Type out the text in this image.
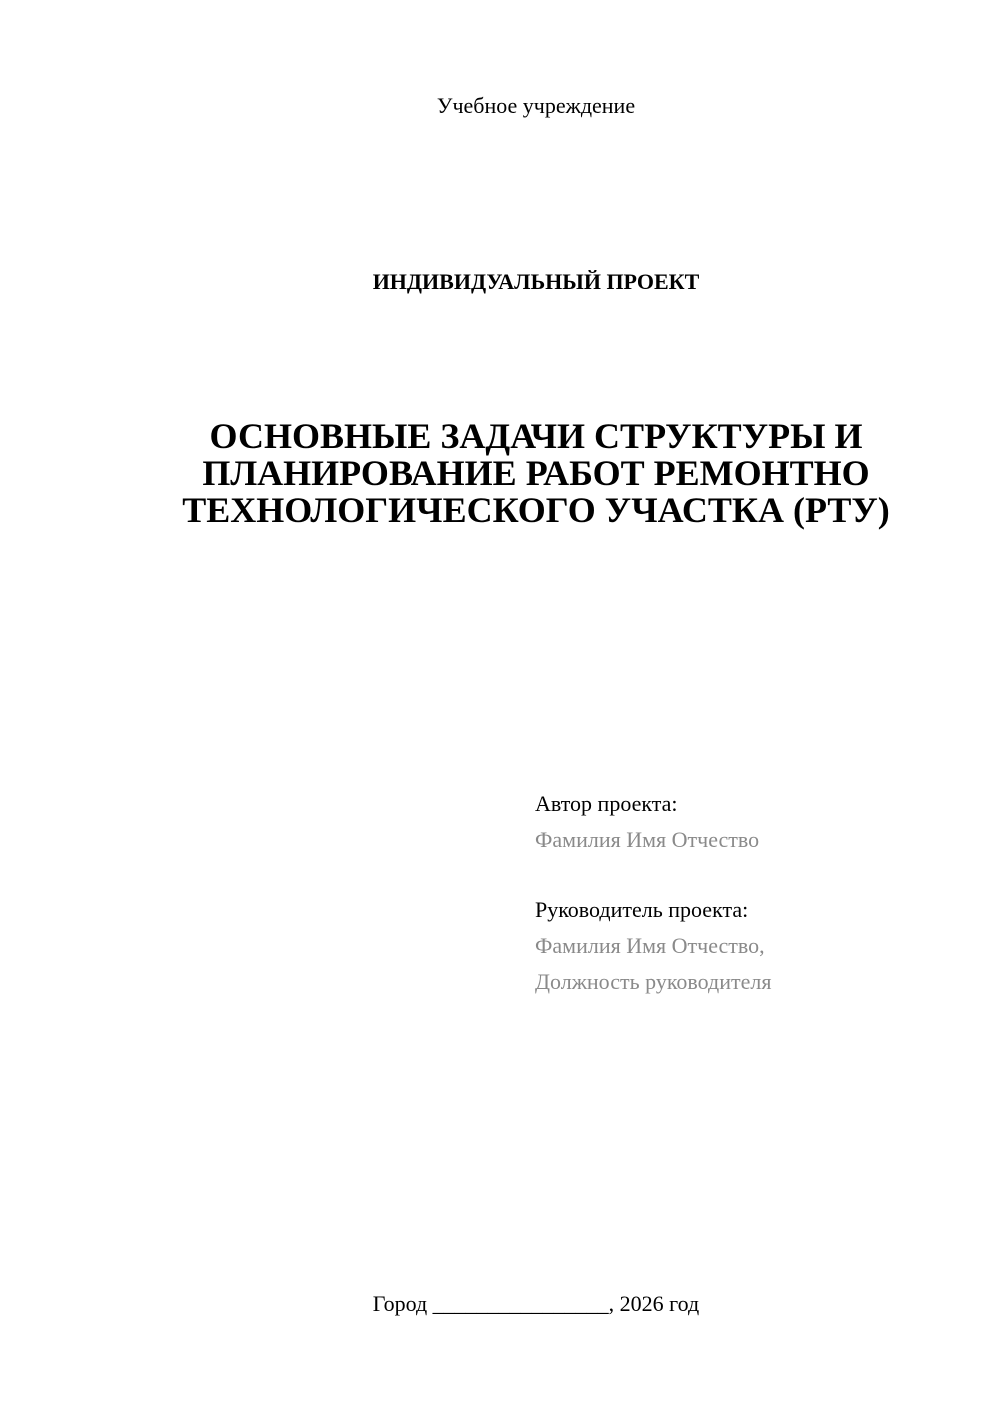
Учебное учреждение
ИНДИВИДУАЛЬНЫЙ ПРОЕКТ
ОСНОВНЫЕ ЗАДАЧИ СТРУКТУРЫ И
ПЛАНИРОВАНИЕ РАБОТ РЕМОНТНО
ТЕХНОЛОГИЧЕСКОГО УЧАСТКА (РТУ)
Автор проекта:
Фамилия Имя Отчество
Руководитель проекта:
Фамилия Имя Отчество,
Должность руководителя
Город ________________, 2026 год
